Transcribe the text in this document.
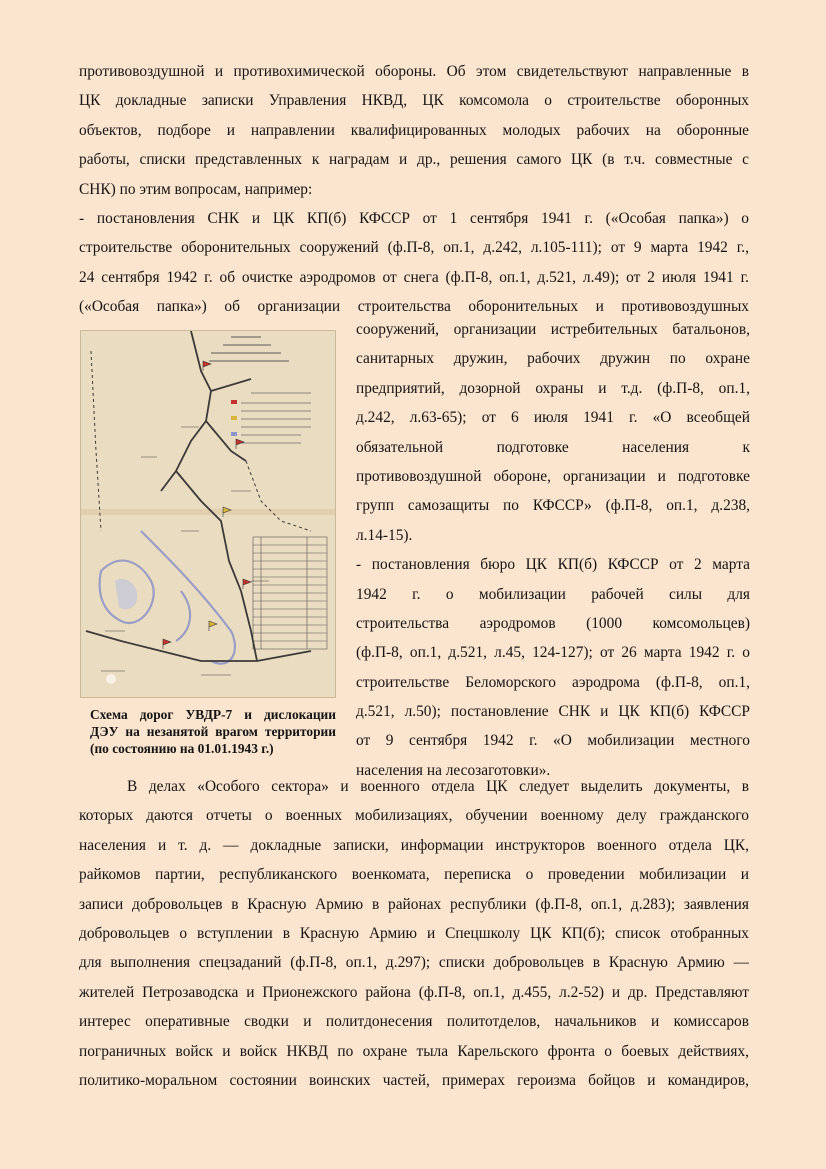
противовоздушной и противохимической обороны. Об этом свидетельствуют направленные в
ЦК докладные записки Управления НКВД, ЦК комсомола о строительстве оборонных
объектов, подборе и направлении квалифицированных молодых рабочих на оборонные
работы, списки представленных к наградам и др., решения самого ЦК (в т.ч. совместные с
СНК) по этим вопросам, например:
- постановления СНК и ЦК КП(б) КФССР от 1 сентября 1941 г. («Особая папка») о
строительстве оборонительных сооружений (ф.П-8, оп.1, д.242, л.105-111); от 9 марта 1942 г.,
24 сентября 1942 г. об очистке аэродромов от снега (ф.П-8, оп.1, д.521, л.49); от 2 июля 1941 г.
(«Особая папка») об организации строительства оборонительных и противовоздушных
Схема дорог УВДР-7 и дислокации
ДЭУ на незанятой врагом территории
(по состоянию на 01.01.1943 г.)
сооружений, организации истребительных батальонов,
санитарных дружин, рабочих дружин по охране
предприятий, дозорной охраны и т.д. (ф.П-8, оп.1,
д.242, л.63-65); от 6 июля 1941 г. «О всеобщей
обязательной подготовке населения к
противовоздушной обороне, организации и подготовке
групп самозащиты по КФССР» (ф.П-8, оп.1, д.238,
л.14-15).
- постановления бюро ЦК КП(б) КФССР от 2 марта
1942 г. о мобилизации рабочей силы для
строительства аэродромов (1000 комсомольцев)
(ф.П-8, оп.1, д.521, л.45, 124-127); от 26 марта 1942 г. о
строительстве Беломорского аэродрома (ф.П-8, оп.1,
д.521, л.50); постановление СНК и ЦК КП(б) КФССР
от 9 сентября 1942 г. «О мобилизации местного
населения на лесозаготовки».
В делах «Особого сектора» и военного отдела ЦК следует выделить документы, в
которых даются отчеты о военных мобилизациях, обучении военному делу гражданского
населения и т. д. — докладные записки, информации инструкторов военного отдела ЦК,
райкомов партии, республиканского военкомата, переписка о проведении мобилизации и
записи добровольцев в Красную Армию в районах республики (ф.П-8, оп.1, д.283); заявления
добровольцев о вступлении в Красную Армию и Спецшколу ЦК КП(б); список отобранных
для выполнения спецзаданий (ф.П-8, оп.1, д.297); списки добровольцев в Красную Армию —
жителей Петрозаводска и Прионежского района (ф.П-8, оп.1, д.455, л.2-52) и др. Представляют
интерес оперативные сводки и политдонесения политотделов, начальников и комиссаров
пограничных войск и войск НКВД по охране тыла Карельского фронта о боевых действиях,
политико-моральном состоянии воинских частей, примерах героизма бойцов и командиров,
